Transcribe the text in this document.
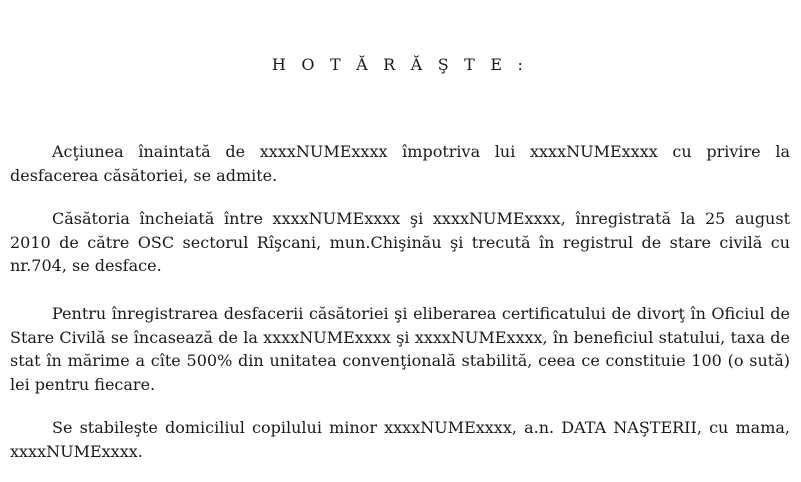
H O T Ă R Ă Ş T E :

Acţiunea înaintată de xxxxNUMExxxx împotriva lui xxxxNUMExxxx cu privire la desfacerea căsătoriei, se admite.

Căsătoria încheiată între xxxxNUMExxxx şi xxxxNUMExxxx, înregistrată la 25 august 2010 de către OSC sectorul Rîşcani, mun.Chişinău şi trecută în registrul de stare civilă cu nr.704, se desface.

Pentru înregistrarea desfacerii căsătoriei şi eliberarea certificatului de divorţ în Oficiul de Stare Civilă se încasează de la xxxxNUMExxxx şi xxxxNUMExxxx, în beneficiul statului, taxa de stat în mărime a cîte 500% din unitatea convenţională stabilită, ceea ce constituie 100 (o sută) lei pentru fiecare.

Se stabileşte domiciliul copilului minor xxxxNUMExxxx, a.n. DATA NAŞTERII, cu mama, xxxxNUMExxxx.
